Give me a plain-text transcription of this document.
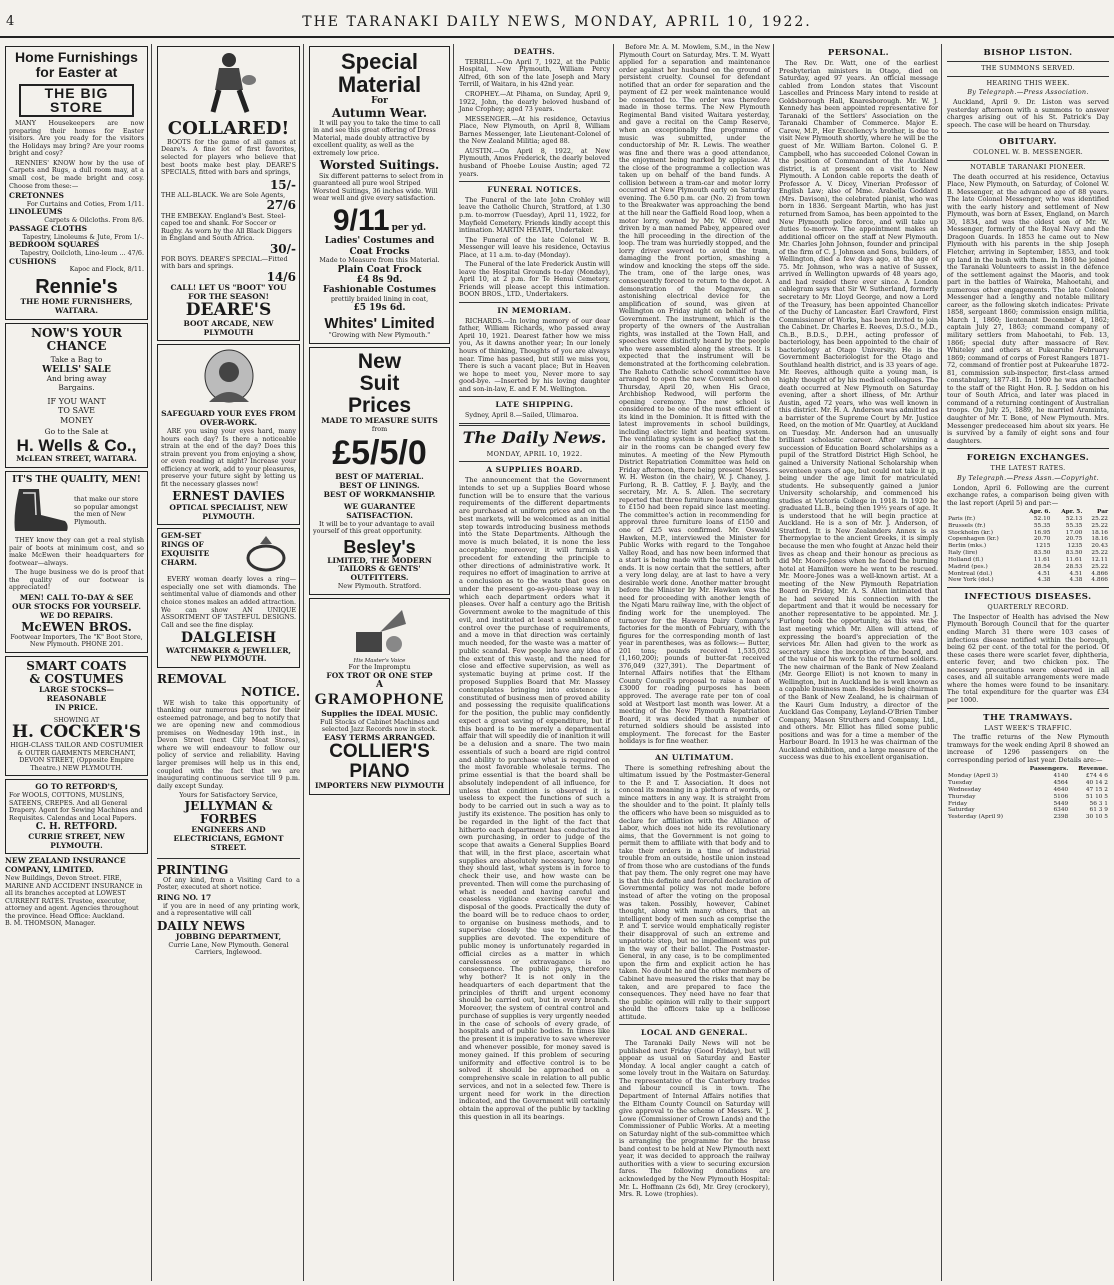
4	THE TARANAKI DAILY NEWS, MONDAY, APRIL 10, 1922.
Home Furnishings for Easter at
THE BIG STORE
MANY Housekeepers are now preparing their homes for Easter visitors. Are you ready for the visitors the Holidays may bring? Are your rooms bright and cosy?
RENNIES' KNOW how by the use of Carpets and Rugs, a dull room may, at a small cost, be made bright and cosy. Choose from these:—
CRETONNES
For Curtains and Coties, From 1/11.
LINOLEUMS
Carpets & Oilcloths. From 8/6.
PASSAGE CLOTHS
Tapestry, Linoleums & Jute, From 1/-.
BEDROOM SQUARES
Tapestry, Ooilcloth, Lino-leum ... 47/6.
CUSHIONS
Kapoc and Flock, 8/11.
Rennie's
THE HOME FURNISHERS, WAITARA.
NOW'S YOUR
CHANCE
Take a Bag to
WELLS' SALE
And bring away
Bargains.
IF YOU WANT
TO SAVE
MONEY
Go to the Sale at
H. Wells & Co.,
McLEAN STREET, WAITARA.
IT'S THE QUALITY, MEN!
that make our store so popular amongst the men of New Plymouth.
THEY know they can get a real stylish pair of boots at minimum cost, and so make McEwen their headquarters for footwear—always.
The huge business we do is proof that the quality of our footwear is appreciated!
MEN! CALL TO-DAY & SEE OUR STOCKS FOR YOURSELF.
WE DO REPAIRS.
McEWEN BROS.
Footwear Importers, The "K" Boot Store, New Plymouth. PHONE 201.
SMART COATS
& COSTUMES
LARGE STOCKS—
REASONABLE
IN PRICE.
SHOWING AT
H. COCKER'S
HIGH-CLASS TAILOR AND COSTUMIER & OUTER GARMENTS MERCHANT, DEVON STREET, (Opposite Empire Theatre.) NEW PLYMOUTH.
GO TO RETFORD'S,
For WOOLS, COTTONS, MUSLINS, SATEENS, CREPES. And all General Drapery. Agent for Sewing Machines and Requisites. Calendas and Local Papers.
C. H. RETFORD.
CURRIE STREET, NEW PLYMOUTH.
NEW ZEALAND INSURANCE COMPANY, LIMITED.
New Buildings, Devon Street. FIRE, MARINE AND ACCIDENT INSURANCE in all its branches accepted at LOWEST CURRENT RATES. Trustee, executor, attorney and agent. Agencies throughout the province. Head Office: Auckland.
B. M. THOMSON, Manager.
COLLARED!
BOOTS for the game of all games at Deare's. A fine lot of first favorites, selected for players who believe that best boots make best play. DEARE'S SPECIALS, fitted with bars and springs,
15/-
THE ALL-BLACK. We are Sole Agents,
27/6
THE EMBEKAY. England's Best. Steel-caped toe and shank. For Soccer or Rugby. As worn by the All Black Diggers in England and South Africa.
30/-
FOR BOYS. DEARE'S SPECIAL—Fitted with bars and springs.
14/6
CALL! LET US "BOOT" YOU FOR THE SEASON!
DEARE'S
BOOT ARCADE, NEW PLYMOUTH
SAFEGUARD YOUR EYES FROM OVER-WORK.
ARE you using your eyes hard, many hours each day? Is there a noticeable strain at the end of the day? Does this strain prevent you from enjoying a show, or even reading at night? Increase your efficiency at work, add to your pleasures, preserve your future sight by letting us fit the necessary glasses now!
ERNEST DAVIES
OPTICAL SPECIALIST, NEW PLYMOUTH.
GEM-SET
RINGS OF
EXQUISITE
CHARM.
EVERY woman dearly loves a ring—especially one set with diamonds. The sentimental value of diamonds and other choice stones makes an added attraction. We can show AN UNIQUE ASSORTMENT OF TASTEFUL DESIGNS. Call and see the fine display.
DALGLEISH
WATCHMAKER & JEWELLER, NEW PLYMOUTH.
REMOVAL
NOTICE.
WE wish to take this opportunity of thanking our numerous patrons for their esteemed patronage, and beg to notify that we are opening new and commodious premises on Wednesday 19th inst., in Devon Street (next City Meat Stores), where we will endeavour to follow our policy of service and reliability. Having larger premises will help us in this end, coupled with the fact that we are inaugurating continuous service till 9 p.m. daily except Sunday.
Yours for Satisfactory Service,
JELLYMAN & FORBES
ENGINEERS AND ELECTRICIANS, EGMONT STREET.
PRINTING
Of any kind, from a Visiting Card to a Poster, executed at short notice.
RING NO. 17
if you are in need of any printing work, and a representative will call
DAILY NEWS
JOBBING DEPARTMENT,
Currie Lane, New Plymouth. General Carriers, Inglewood.
Special
Material
For
Autumn Wear.
It will pay you to take the time to call in and see this great offering of Dress Material, made doubly attractive by excellent quality, as well as the extremely low price.
Worsted Suitings.
Six different patterns to select from in guaranteed all pure wool Striped Worsted Suitings, 36 inches wide. Will wear well and give every satisfaction.
9/11 per yd.
Ladies' Costumes and Coat Frocks
Made to Measure from this Material.
Plain Coat Frock
£4 8s 9d.
Fashionable Costumes
prettily braided lining in coat,
£5 19s 6d.
Whites' Limited
"Growing with New Plymouth."
New
Suit
Prices
MADE TO MEASURE SUITS
from
£5/5/0
BEST OF MATERIAL.
BEST OF LININGS.
BEST OF WORKMANSHIP.
WE GUARANTEE SATISFACTION.
It will be to your advantage to avail yourself of this great opportunity.
Besley's
LIMITED, THE MODERN TAILORS & GENTS' OUTFITTERS.
New Plymouth. Stratford.
His Master's Voice
For the Impromptu
FOX TROT OR ONE STEP
A
GRAMOPHONE
Supplies the IDEAL MUSIC.
Full Stocks of Cabinet Machines and selected Jazz Records now in stock.
EASY TERMS ARRANGED.
COLLIER'S PIANO
IMPORTERS NEW PLYMOUTH
DEATHS.
TERRILL.—On April 7, 1922, at the Public Hospital, New Plymouth, William Percy Alfred, 6th son of the late Joseph and Mary Terrill, of Waitara, in his 42nd year.
CROPHEY.—At Pihama, on Sunday, April 9, 1922, John, the dearly beloved husband of Jane Crophey; aged 73 years.
MESSENGER.—At his residence, Octavius Place, New Plymouth, on April 8, William Barnes Messenger, late Lieutenant-Colonel of the New Zealand Militia; aged 88.
AUSTIN.—On April 8, 1922, at New Plymouth, Amos Frederick, the dearly beloved husband of Phoebe Louise Austin; aged 72 years.
FUNERAL NOTICES.
The Funeral of the late John Crohley will leave the Catholic Church, Stratford, at 1.30 p.m. to-morrow (Tuesday), April 11, 1922, for Mayfield Cemetery. Friends kindly accept this intimation. MARTIN HEATH, Undertaker.
The Funeral of the late Colonel W. B. Messenger will leave his residence, Octavius Place, at 11 a.m. to-day (Monday).
The Funeral of the late Frederick Austin will leave the Hospital Grounds to-day (Monday), April 10, at 2 p.m. for Te Henui Cemetery. Friends will please accept this intimation. BOON BROS., LTD., Undertakers.
IN MEMORIAM.
RICHARDS.—In loving memory of our dear father, William Richards, who passed away April 10, 1921. Dearest father how we miss you, As it dawns another year; In our lonely hours of thinking, Thoughts of you are always near. Time has passed, but still we miss you, There is such a vacant place; But in Heaven we hope to meet you, Never more to say good-bye. —Inserted by his loving daughter and son-in-law, E. and F. M. Wellington.
LATE SHIPPING.
Sydney, April 8.—Sailed, Ulimaroa.
The Daily News.
MONDAY, APRIL 10, 1922.
A SUPPLIES BOARD.
The announcement that the Government intends to set up a Supplies Board whose function will be to ensure that the various requirements of the different departments are purchased at uniform prices and on the best markets, will be welcomed as an initial step towards introducing business methods into the State Departments. Although the move is much belated, it is none the less acceptable; moreover, it will furnish a precedent for extending the principle to other directions of administrative work. It requires no effort of imagination to arrive at a conclusion as to the waste that goes on under the present go-as-you-please way in which each department orders what it pleases. Over half a century ago the British Government awoke to the magnitude of this evil, and instituted at least a semblance of control over the purchase of requirements, and a move in that direction was certainly much needed, for the waste was a matter of public scandal. Few people have any idea of the extent of this waste, and the need for close and effective supervision, as well as systematic buying at prime cost. If the proposed Supplies Board that Mr. Massey contemplates bringing into existence is constituted of business men of proved ability and possessing the requisite qualifications for the position, the public may confidently expect a great saving of expenditure, but if this board is to be merely a departmental affair that will speedily die of inanition it will be a delusion and a snare. The two main essentials of such a board are rigid control and ability to purchase what is required on the most favorable wholesale terms. The prime essential is that the board shall be absolutely independent of all influence, for unless that condition is observed it is useless to expect the functions of such a body to be carried out in such a way as to justify its existence. The position has only to be regarded in the light of the fact that hitherto each department has conducted its own purchasing, in order to judge of the scope that awaits a General Supplies Board that will, in the first place, ascertain what supplies are absolutely necessary, how long they should last, what system is in force to check their use, and how waste can be prevented. Then will come the purchasing of what is needed and having careful and ceaseless vigilance exercised over the disposal of the goods. Practically the duty of the board will be to reduce chaos to order, to organise on business methods, and to supervise closely the use to which the supplies are devoted. The expenditure of public money is unfortunately regarded in official circles as a matter in which carelessness or extravagance is no consequence. The public pays, therefore why bother? It is not only in the headquarters of each department that the principles of thrift and urgent economy should be carried out, but in every branch. Moreover, the system of central control and purchase of supplies is very urgently needed in the case of schools of every grade, of hospitals and of public bodies. In times like the present it is imperative to save wherever and whenever possible, for money saved is money gained. If this problem of securing uniformity and effective control is to be solved it should be approached on a comprehensive scale in relation to all public services, and not in a selected few. There is urgent need for work in the direction indicated, and the Government will certainly obtain the approval of the public by tackling this question in all its bearings.
Before Mr. A. M. Mowlem, S.M., in the New Plymouth Court on Saturday, Mrs. T. M. Wyatt applied for a separation and maintenance order against her husband on the ground of persistent cruelty. Counsel for defendant notified that an order for separation and the payment of £2 per week maintenance would be consented to. The order was therefore made in those terms. The New Plymouth Regimental Band visited Waitara yesterday, and gave a recital on the Camp Reserve, when an exceptionally fine programme of music was submitted, under the conductorship of Mr. R. Lewis. The weather was fine and there was a good attendance, the enjoyment being marked by applause. At the close of the programme a collection was taken up on behalf of the band funds. A collision between a tram-car and motor lorry occurred at New Plymouth early on Saturday evening. The 6.50 p.m. car (No. 2) from town to the Breakwater was approaching the bend at the hill near the Gaffield Road loop, when a motor lorry, owned by Mr. W. Oliver, and driven by a man named Pabey, appeared over the hill proceeding in the direction of the loop. The tram was hurriedly stopped, and the lorry driver swerved to avoid the tram, damaging the front portion, smashing a window and knocking the steps off the side. The tram, one of the large ones, was consequently forced to return to the depot. A demonstration of the Magnavox, an astonishing electrical device for the amplification of sound, was given at Wellington on Friday night on behalf of the Government. The instrument, which is the property of the owners of the Australian rights, was installed at the Town Hall, and speeches were distinctly heard by the people who were assembled along the streets. It is expected that the instrument will be demonstrated at the forthcoming celebration. The Rahotu Catholic school committee have arranged to open the new Convent school on Thursday, April 20, when His Grace, Archbishop Redwood, will perform the opening ceremony. The new school is considered to be one of the most efficient of its kind in the Dominion. It is fitted with the latest improvements in school buildings, including electric light and heating system. The ventilating system is so perfect that the air in the rooms can be changed every few minutes. A meeting of the New Plymouth District Repatriation Committee was held on Friday afternoon, there being present Messrs. W. H. Weston (in the chair), W. J. Chaney, J. Furlong, R. B. Cattley, F. J. Bayly, and the secretary, Mr. A. S. Allen. The secretary reported that three furniture loans amounting to £150 had been repaid since last meeting. The committee's action in recommending for approval three furniture loans of £150 and one of £25 was confirmed. Mr. Oswald Hawken, M.P., interviewed the Minister for Public Works with regard to the Tongahoe Valley Road, and has now been informed that a start is being made with the tunnel at both ends. It is now certain that the settlers, after a very long delay, are at last to have a very desirable work done. Another matter brought before the Minister by Mr. Hawken was the need for proceeding with another length of the Ngati Maru railway line, with the object of finding work for the unemployed. The turnover for the Hawera Dairy Company's factories for the month of February, with the figures for the corresponding month of last year in parentheses, was as follows:— Butter, 201 tons; pounds received 1,535,052 (1,160,200); pounds of butter-fat received 376,049 (327,391). The Department of Internal Affairs notifies that the Eltham County Council's proposal to raise a loan of £3000 for roading purposes has been approved. The average rate per ton of coal sold at Westport last month was lower. At a meeting of the New Plymouth Repatriation Board, it was decided that a number of returned soldiers should be assisted into employment. The forecast for the Easter holidays is for fine weather.
AN ULTIMATUM.
There is something refreshing about the ultimatum issued by the Postmaster-General to the P. and T. Association. It does not conceal its meaning in a plethora of words, or mince matters in any way. It is straight from the shoulder and to the point. It plainly tells the officers who have been so misguided as to declare for affiliation with the Alliance of Labor, which does not hide its revolutionary aims, that the Government is not going to permit them to affiliate with that body and to take their orders in a time of industrial trouble from an outside, hostile union instead of from those who are custodians of the funds that pay them. The only regret one may have is that this definite and forceful declaration of Governmental policy was not made before instead of after the voting on the proposal was taken. Possibly, however, Cabinet thought, along with many others, that an intelligent body of men such as comprise the P. and T. service would emphatically register their disapproval of such an extreme and unpatriotic step, but no impediment was put in the way of their ballot. The Postmaster-General, in any case, is to be complimented upon the firm and explicit action he has taken. No doubt he and the other members of Cabinet have measured the risks that may be taken, and are prepared to face the consequences. They need have no fear that the public opinion will rally to their support should the officers take up a bellicose attitude.
LOCAL AND GENERAL.
The Taranaki Daily News will not be published next Friday (Good Friday), but will appear as usual on Saturday and Easter Monday. A local angler caught a catch of some lovely trout in the Waitara on Saturday. The representative of the Canterbury trades and labour council is in town. The Department of Internal Affairs notifies that the Eltham County Council on Saturday will give approval to the scheme of Messrs. W. J. Lowe (Commissioner of Crown Lands) and the Commissioner of Public Works. At a meeting on Saturday night of the sub-committee which is arranging the programme for the brass band contest to be held at New Plymouth next year, it was decided to approach the railway authorities with a view to securing excursion fares. The following donations are acknowledged by the New Plymouth Hospital: Mr. L. Hoffmann (2s 6d), Mr. Grey (crockery), Mrs. R. Lowe (trophies).
PERSONAL.
The Rev. Dr. Watt, one of the earliest Presbyterian ministers in Otago, died on Saturday, aged 97 years. An official message cabled from London states that Viscount Lascelles and Princess Mary intend to reside at Goldsborough Hall, Knaresborough. Mr. W. J. Kennedy has been appointed representative for Taranaki of the Settlers' Association on the Taranaki Chamber of Commerce. Major E. Carew, M.P., Her Excellency's brother, is due to visit New Plymouth shortly, where he will be the guest of Mr. William Barton. Colonel G. P. Campbell, who has succeeded Colonel Cowan in the position of Commandant of the Auckland district, is at present on a visit to New Plymouth. A London cable reports the death of Professor A. V. Dicey, Vinerian Professor of English Law; also of Mme. Arabella Goddard (Mrs. Davison), the celebrated pianist, who was born in 1836. Sergeant Martin, who has just returned from Samoa, has been appointed to the New Plymouth police force, and will take up duties to-morrow. The appointment makes an additional officer on the staff at New Plymouth. Mr. Charles John Johnson, founder and principal of the firm of C. J. Johnson and Sons, builders, of Wellington, died a few days ago, at the age of 75. Mr. Johnson, who was a native of Sussex, arrived in Wellington upwards of 48 years ago, and had resided there ever since. A London cablegram says that Sir W. Sutherland, formerly secretary to Mr. Lloyd George, and now a Lord of the Treasury, has been appointed Chancellor of the Duchy of Lancaster. Earl Crawford, First Commissioner of Works, has been invited to join the Cabinet. Dr. Charles E. Reeves, D.S.O., M.D., Ch.B., B.D.S., D.P.H., acting professor of bacteriology, has been appointed to the chair of bacteriology at Otago University. He is the Government Bacteriologist for the Otago and Southland health district, and is 33 years of age. Mr. Reeves, although quite a young man, is highly thought of by his medical colleagues. The death occurred at New Plymouth on Saturday evening, after a short illness, of Mr. Arthur Austin, aged 72 years, who was well known in this district. Mr. H. A. Anderson was admitted as a barrister of the Supreme Court by Mr. Justice Reed, on the motion of Mr. Quartley, at Auckland on Tuesday. Mr. Anderson had an unusually brilliant scholastic career. After winning a succession of Education Board scholarships as a pupil of the Stratford District High School, he gained a University National Scholarship when seventeen years of age, but could not take it up, being under the age limit for matriculated students. He subsequently gained a junior University scholarship, and commenced his studies at Victoria College in 1918. In 1920 he graduated LL.B., being then 19½ years of age. It is understood that he will begin practice at Auckland. He is a son of Mr. J. Anderson, of Stratford. It is New Zealanders Annex is as Thermopylae to the ancient Greeks, it is simply because the men who fought at Anzac held their lives as cheap and their honour as precious as did Mr. Moore-Jones when he faced the burning hotel at Hamilton were he went to be rescued. Mr. Moore-Jones was a well-known artist. At a meeting of the New Plymouth Repatriation Board on Friday, Mr. A. S. Allen intimated that he had severed his connection with the department and that it would be necessary for another representative to be appointed. Mr. J. Furlong took the opportunity, as this was the last meeting which Mr. Allen will attend, of expressing the board's appreciation of the services Mr. Allen had given to the work as secretary since the inception of the board, and of the value of his work to the returned soldiers. The new chairman of the Bank of New Zealand (Mr. George Elliot) is not known to many in Wellington, but in Auckland he is well known as a capable business man. Besides being chairman of the Bank of New Zealand, he is chairman of the Kauri Gum Industry, a director of the Auckland Gas Company, Leyland-O'Brien Timber Company, Mason Struthers and Company, Ltd., and others. Mr. Elliot has filled some public positions and was for a time a member of the Harbour Board. In 1913 he was chairman of the Auckland exhibition, and a large measure of the success was due to his excellent organisation.
BISHOP LISTON.
THE SUMMONS SERVED.
HEARING THIS WEEK.
By Telegraph.—Press Association.
Auckland, April 9. Dr. Liston was served yesterday afternoon with a summons to answer charges arising out of his St. Patrick's Day speech. The case will be heard on Thursday.
OBITUARY.
COLONEL W. B. MESSENGER.
NOTABLE TARANAKI PIONEER.
The death occurred at his residence, Octavius Place, New Plymouth, on Saturday, of Colonel W. B. Messenger, at the advanced age of 88 years. The late Colonel Messenger, who was identified with the early history and settlement of New Plymouth, was born at Essex, England, on March 30, 1834, and was the oldest son of Mr. W. Messenger, formerly of the Royal Navy and the Dragoon Guards. In 1853 he came out to New Plymouth with his parents in the ship Joseph Fletcher, arriving in September, 1853, and took up land in the bush with them. In 1860 he joined the Taranaki Volunteers to assist in the defence of the settlement against the Maoris, and took part in the battles of Waireka, Mahoetahi, and numerous other engagements. The late Colonel Messenger had a lengthy and notable military career, as the following sketch indicates: Private 1858, sergeant 1860; commission ensign militia, March 1, 1860; lieutenant December 4, 1862; captain July 27, 1863; command company of military settlers from Mahoetahi, to Feb. 13, 1866; special duty after massacre of Rev. Whiteley and others at Pukearuhe February 1869; command of corps of Forest Rangers 1871-72, command of frontier post at Pukearuhe 1872-81, commission sub-inspector, first-class armed constabulary, 1877-81. In 1900 he was attached to the staff of the Right Hon. R. J. Seddon on his tour of South Africa, and later was placed in command of a returning contingent of Australian troops. On July 25, 1889, he married Araminta, daughter of Mr. T. Bone, of New Plymouth. Mrs. Messenger predeceased him about six years. He is survived by a family of eight sons and four daughters.
FOREIGN EXCHANGES.
THE LATEST RATES.
By Telegraph.—Press Assn.—Copyright.
London, April 6. Following are the current exchange rates, a comparison being given with the last report (April 5) and par:—
	Apr. 6.	Apr. 5.	Par
Paris (fr.)	52.10	52.13	25.22
Brussels (fr.)	55.35	55.35	25.22
Stockholm (kr.)	16.95	17.00	18.16
Copenhagen (kr.)	20.70	20.75	18.16
Berlin (mks.)	1215	1235	20.43
Italy (lire)	83.50	83.50	25.22
Holland (fl.)	11.61	11.61	12.11
Madrid (pes.)	28.54	28.53	25.22
Montreal (dol.)	4.51	4.51	4.866
New York (dol.)	4.38	4.38	4.866
INFECTIOUS DISEASES.
QUARTERLY RECORD.
The Inspector of Health has advised the New Plymouth Borough Council that for the quarter ending March 31 there were 103 cases of infectious disease notified within the borough, being 62 per cent. of the total for the period. Of these cases there were scarlet fever, diphtheria, enteric fever, and two chicken pox. The necessary precautions were observed in all cases, and all suitable arrangements were made where the homes were found to be insanitary. The total expenditure for the quarter was £34 per 1000.
THE TRAMWAYS.
LAST WEEK'S TRAFFIC.
The traffic returns of the New Plymouth tramways for the week ending April 8 showed an increase of 1296 passengers on the corresponding period of last year. Details are:—
	Passengers.	Revenue.
Monday (April 3)	4140	£74 4 6
Tuesday	4564	40 14 2
Wednesday	4640	47 15 2
Thursday	5106	51 10 5
Friday	5449	56 3 1
Saturday	6340	61 3 9
Yesterday (April 9)	2398	30 10 5
